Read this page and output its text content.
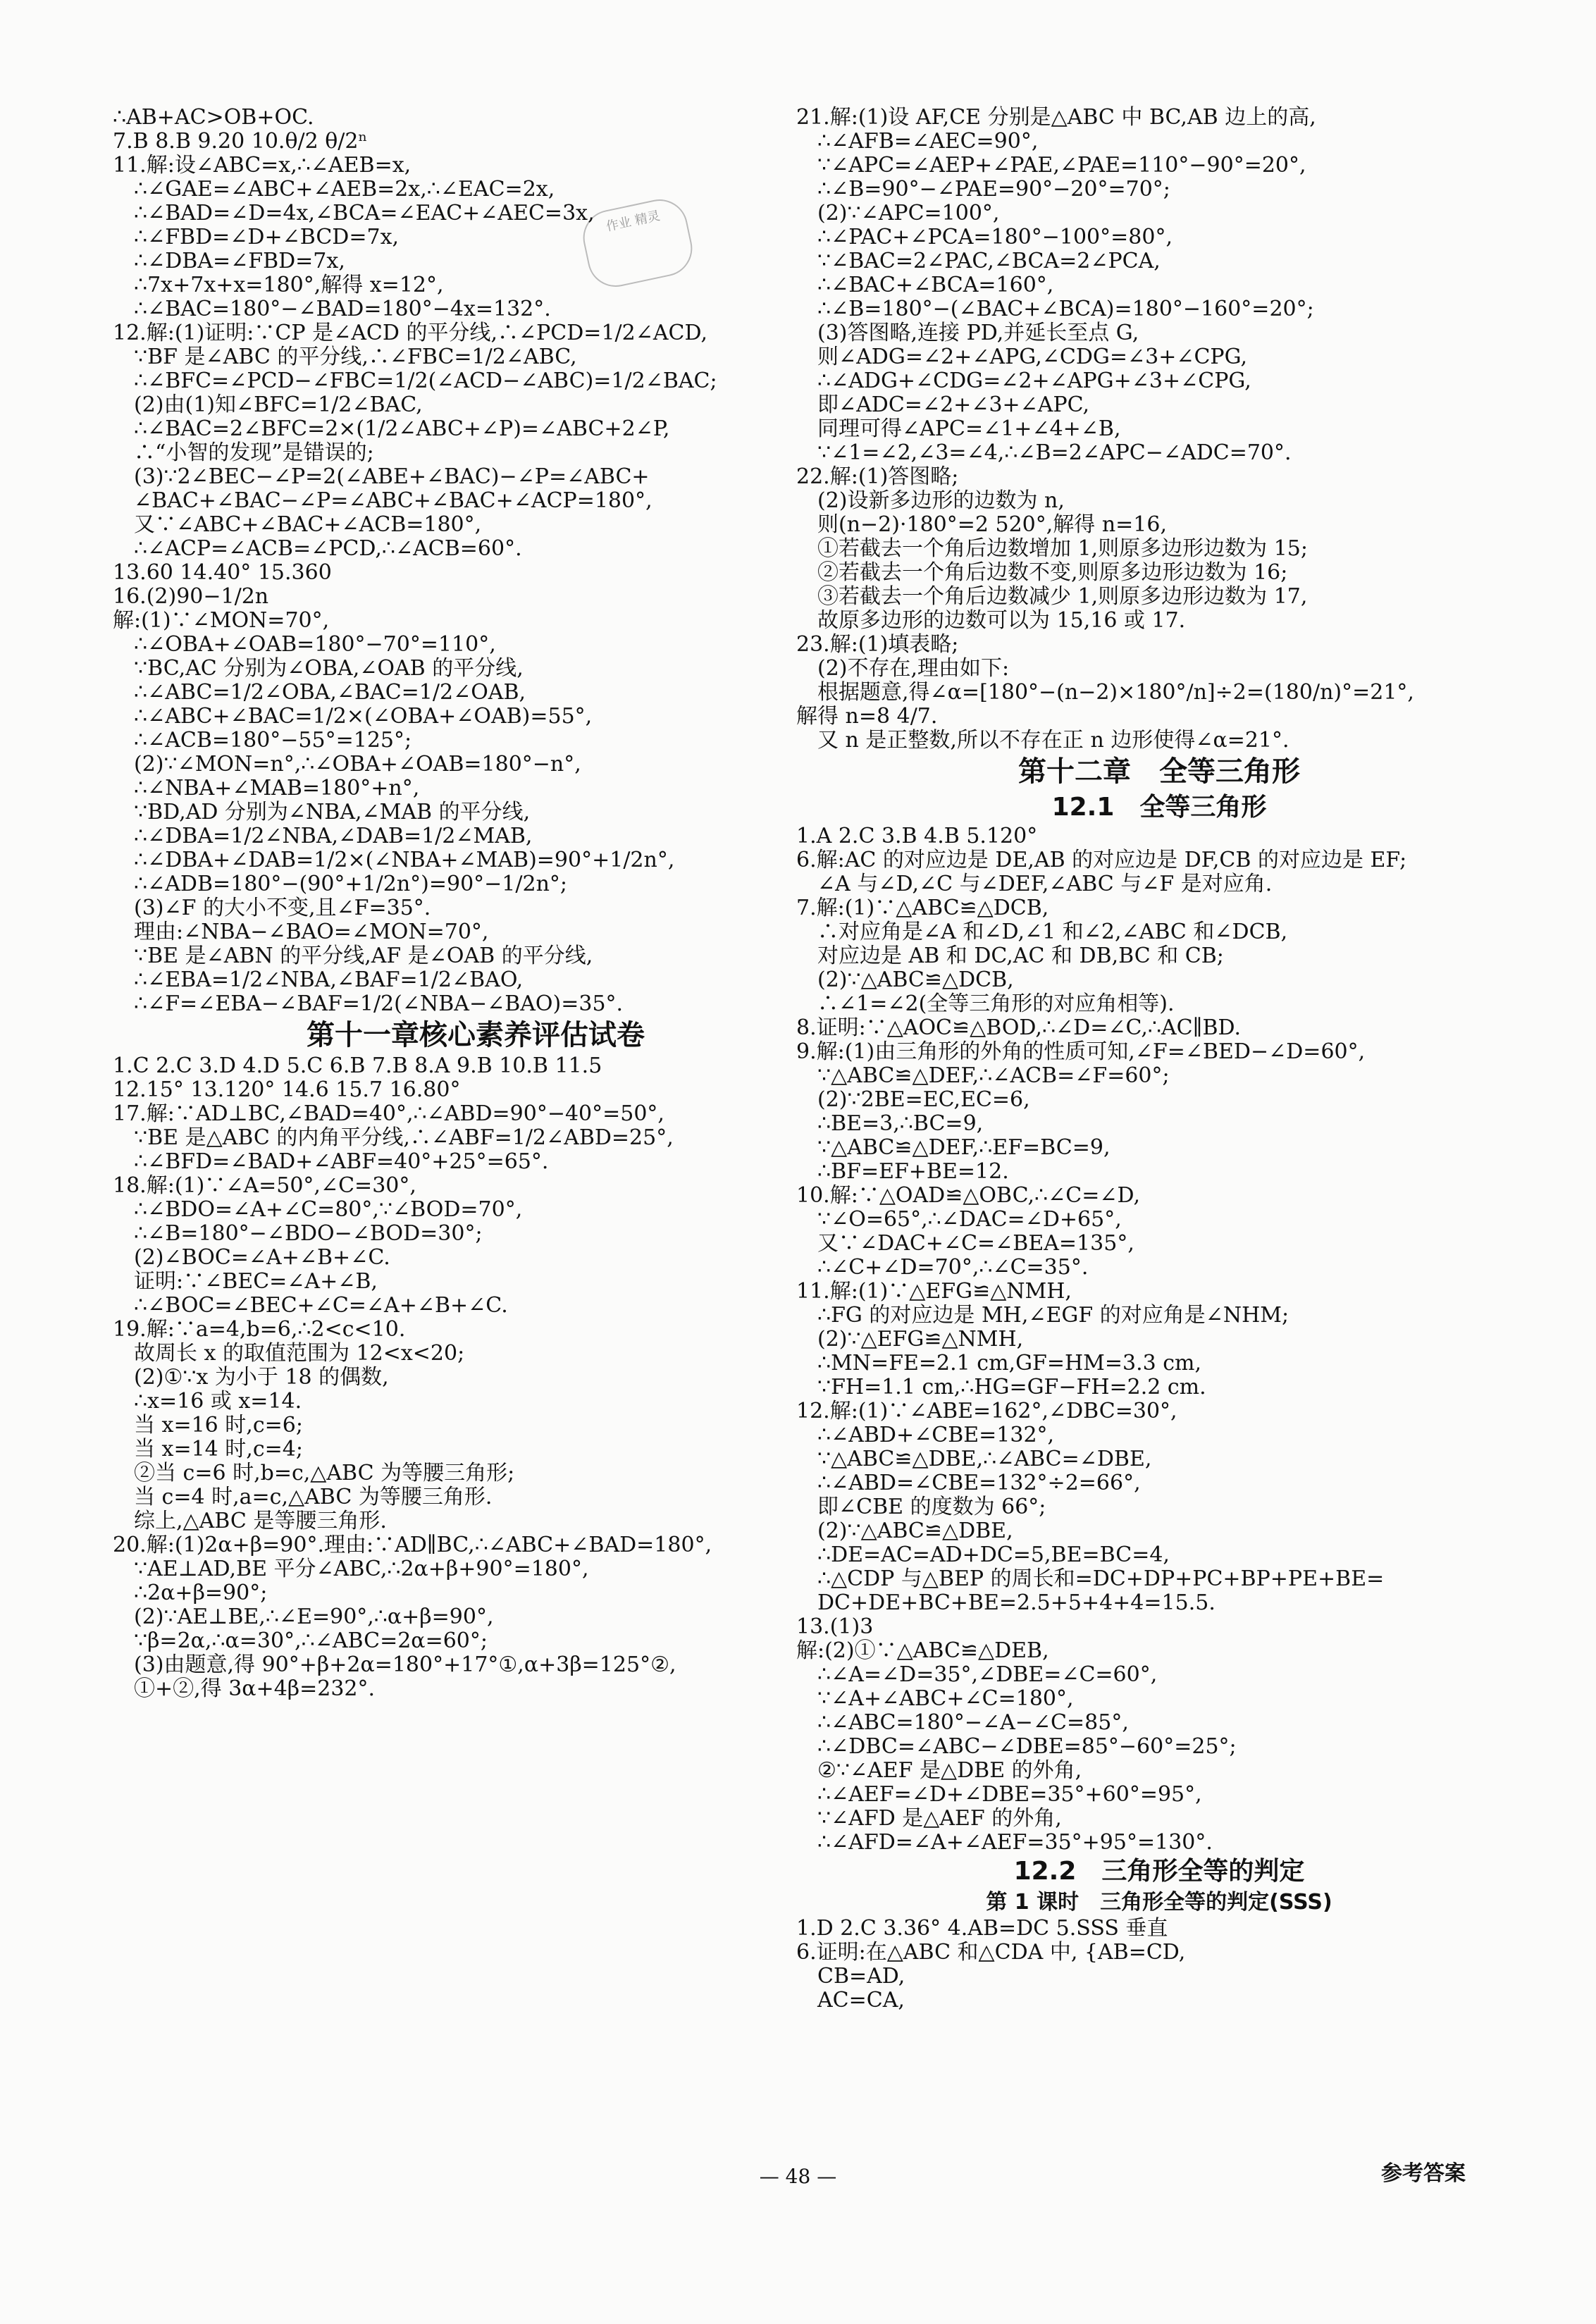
作业 精灵
∴AB+AC>OB+OC.
7.B 8.B 9.20 10.θ/2 θ/2ⁿ
11.解:设∠ABC=x,∴∠AEB=x,
∴∠GAE=∠ABC+∠AEB=2x,∴∠EAC=2x,
∴∠BAD=∠D=4x,∠BCA=∠EAC+∠AEC=3x,
∴∠FBD=∠D+∠BCD=7x,
∴∠DBA=∠FBD=7x,
∴7x+7x+x=180°,解得 x=12°,
∴∠BAC=180°−∠BAD=180°−4x=132°.
12.解:(1)证明:∵CP 是∠ACD 的平分线,∴∠PCD=1/2∠ACD,
∵BF 是∠ABC 的平分线,∴∠FBC=1/2∠ABC,
∴∠BFC=∠PCD−∠FBC=1/2(∠ACD−∠ABC)=1/2∠BAC;
(2)由(1)知∠BFC=1/2∠BAC,
∴∠BAC=2∠BFC=2×(1/2∠ABC+∠P)=∠ABC+2∠P,
∴“小智的发现”是错误的;
(3)∵2∠BEC−∠P=2(∠ABE+∠BAC)−∠P=∠ABC+
∠BAC+∠BAC−∠P=∠ABC+∠BAC+∠ACP=180°,
又∵∠ABC+∠BAC+∠ACB=180°,
∴∠ACP=∠ACB=∠PCD,∴∠ACB=60°.
13.60 14.40° 15.360
16.(2)90−1/2n
解:(1)∵∠MON=70°,
∴∠OBA+∠OAB=180°−70°=110°,
∵BC,AC 分别为∠OBA,∠OAB 的平分线,
∴∠ABC=1/2∠OBA,∠BAC=1/2∠OAB,
∴∠ABC+∠BAC=1/2×(∠OBA+∠OAB)=55°,
∴∠ACB=180°−55°=125°;
(2)∵∠MON=n°,∴∠OBA+∠OAB=180°−n°,
∴∠NBA+∠MAB=180°+n°,
∵BD,AD 分别为∠NBA,∠MAB 的平分线,
∴∠DBA=1/2∠NBA,∠DAB=1/2∠MAB,
∴∠DBA+∠DAB=1/2×(∠NBA+∠MAB)=90°+1/2n°,
∴∠ADB=180°−(90°+1/2n°)=90°−1/2n°;
(3)∠F 的大小不变,且∠F=35°.
理由:∠NBA−∠BAO=∠MON=70°,
∵BE 是∠ABN 的平分线,AF 是∠OAB 的平分线,
∴∠EBA=1/2∠NBA,∠BAF=1/2∠BAO,
∴∠F=∠EBA−∠BAF=1/2(∠NBA−∠BAO)=35°.
第十一章核心素养评估试卷
1.C 2.C 3.D 4.D 5.C 6.B 7.B 8.A 9.B 10.B 11.5
12.15° 13.120° 14.6 15.7 16.80°
17.解:∵AD⊥BC,∠BAD=40°,∴∠ABD=90°−40°=50°,
∵BE 是△ABC 的内角平分线,∴∠ABF=1/2∠ABD=25°,
∴∠BFD=∠BAD+∠ABF=40°+25°=65°.
18.解:(1)∵∠A=50°,∠C=30°,
∴∠BDO=∠A+∠C=80°,∵∠BOD=70°,
∴∠B=180°−∠BDO−∠BOD=30°;
(2)∠BOC=∠A+∠B+∠C.
证明:∵∠BEC=∠A+∠B,
∴∠BOC=∠BEC+∠C=∠A+∠B+∠C.
19.解:∵a=4,b=6,∴2<c<10.
故周长 x 的取值范围为 12<x<20;
(2)①∵x 为小于 18 的偶数,
∴x=16 或 x=14.
当 x=16 时,c=6;
当 x=14 时,c=4;
②当 c=6 时,b=c,△ABC 为等腰三角形;
当 c=4 时,a=c,△ABC 为等腰三角形.
综上,△ABC 是等腰三角形.
20.解:(1)2α+β=90°.理由:∵AD∥BC,∴∠ABC+∠BAD=180°,
∵AE⊥AD,BE 平分∠ABC,∴2α+β+90°=180°,
∴2α+β=90°;
(2)∵AE⊥BE,∴∠E=90°,∴α+β=90°,
∵β=2α,∴α=30°,∴∠ABC=2α=60°;
(3)由题意,得 90°+β+2α=180°+17°①,α+3β=125°②,
①+②,得 3α+4β=232°.
21.解:(1)设 AF,CE 分别是△ABC 中 BC,AB 边上的高,
∴∠AFB=∠AEC=90°,
∵∠APC=∠AEP+∠PAE,∠PAE=110°−90°=20°,
∴∠B=90°−∠PAE=90°−20°=70°;
(2)∵∠APC=100°,
∴∠PAC+∠PCA=180°−100°=80°,
∵∠BAC=2∠PAC,∠BCA=2∠PCA,
∴∠BAC+∠BCA=160°,
∴∠B=180°−(∠BAC+∠BCA)=180°−160°=20°;
(3)答图略,连接 PD,并延长至点 G,
则∠ADG=∠2+∠APG,∠CDG=∠3+∠CPG,
∴∠ADG+∠CDG=∠2+∠APG+∠3+∠CPG,
即∠ADC=∠2+∠3+∠APC,
同理可得∠APC=∠1+∠4+∠B,
∵∠1=∠2,∠3=∠4,∴∠B=2∠APC−∠ADC=70°.
22.解:(1)答图略;
(2)设新多边形的边数为 n,
则(n−2)·180°=2 520°,解得 n=16,
①若截去一个角后边数增加 1,则原多边形边数为 15;
②若截去一个角后边数不变,则原多边形边数为 16;
③若截去一个角后边数减少 1,则原多边形边数为 17,
故原多边形的边数可以为 15,16 或 17.
23.解:(1)填表略;
(2)不存在,理由如下:
根据题意,得∠α=[180°−(n−2)×180°/n]÷2=(180/n)°=21°,
解得 n=8 4/7.
又 n 是正整数,所以不存在正 n 边形使得∠α=21°.
第十二章　全等三角形
12.1　全等三角形
1.A 2.C 3.B 4.B 5.120°
6.解:AC 的对应边是 DE,AB 的对应边是 DF,CB 的对应边是 EF;
∠A 与∠D,∠C 与∠DEF,∠ABC 与∠F 是对应角.
7.解:(1)∵△ABC≌△DCB,
∴对应角是∠A 和∠D,∠1 和∠2,∠ABC 和∠DCB,
对应边是 AB 和 DC,AC 和 DB,BC 和 CB;
(2)∵△ABC≌△DCB,
∴∠1=∠2(全等三角形的对应角相等).
8.证明:∵△AOC≌△BOD,∴∠D=∠C,∴AC∥BD.
9.解:(1)由三角形的外角的性质可知,∠F=∠BED−∠D=60°,
∵△ABC≌△DEF,∴∠ACB=∠F=60°;
(2)∵2BE=EC,EC=6,
∴BE=3,∴BC=9,
∵△ABC≌△DEF,∴EF=BC=9,
∴BF=EF+BE=12.
10.解:∵△OAD≌△OBC,∴∠C=∠D,
∵∠O=65°,∴∠DAC=∠D+65°,
又∵∠DAC+∠C=∠BEA=135°,
∴∠C+∠D=70°,∴∠C=35°.
11.解:(1)∵△EFG≌△NMH,
∴FG 的对应边是 MH,∠EGF 的对应角是∠NHM;
(2)∵△EFG≌△NMH,
∴MN=FE=2.1 cm,GF=HM=3.3 cm,
∵FH=1.1 cm,∴HG=GF−FH=2.2 cm.
12.解:(1)∵∠ABE=162°,∠DBC=30°,
∴∠ABD+∠CBE=132°,
∵△ABC≌△DBE,∴∠ABC=∠DBE,
∴∠ABD=∠CBE=132°÷2=66°,
即∠CBE 的度数为 66°;
(2)∵△ABC≌△DBE,
∴DE=AC=AD+DC=5,BE=BC=4,
∴△CDP 与△BEP 的周长和=DC+DP+PC+BP+PE+BE=
DC+DE+BC+BE=2.5+5+4+4=15.5.
13.(1)3
解:(2)①∵△ABC≌△DEB,
∴∠A=∠D=35°,∠DBE=∠C=60°,
∵∠A+∠ABC+∠C=180°,
∴∠ABC=180°−∠A−∠C=85°,
∴∠DBC=∠ABC−∠DBE=85°−60°=25°;
②∵∠AEF 是△DBE 的外角,
∴∠AEF=∠D+∠DBE=35°+60°=95°,
∵∠AFD 是△AEF 的外角,
∴∠AFD=∠A+∠AEF=35°+95°=130°.
12.2　三角形全等的判定
第 1 课时　三角形全等的判定(SSS)
1.D 2.C 3.36° 4.AB=DC 5.SSS 垂直
6.证明:在△ABC 和△CDA 中, {AB=CD,
CB=AD,
AC=CA,
— 48 —	参考答案
